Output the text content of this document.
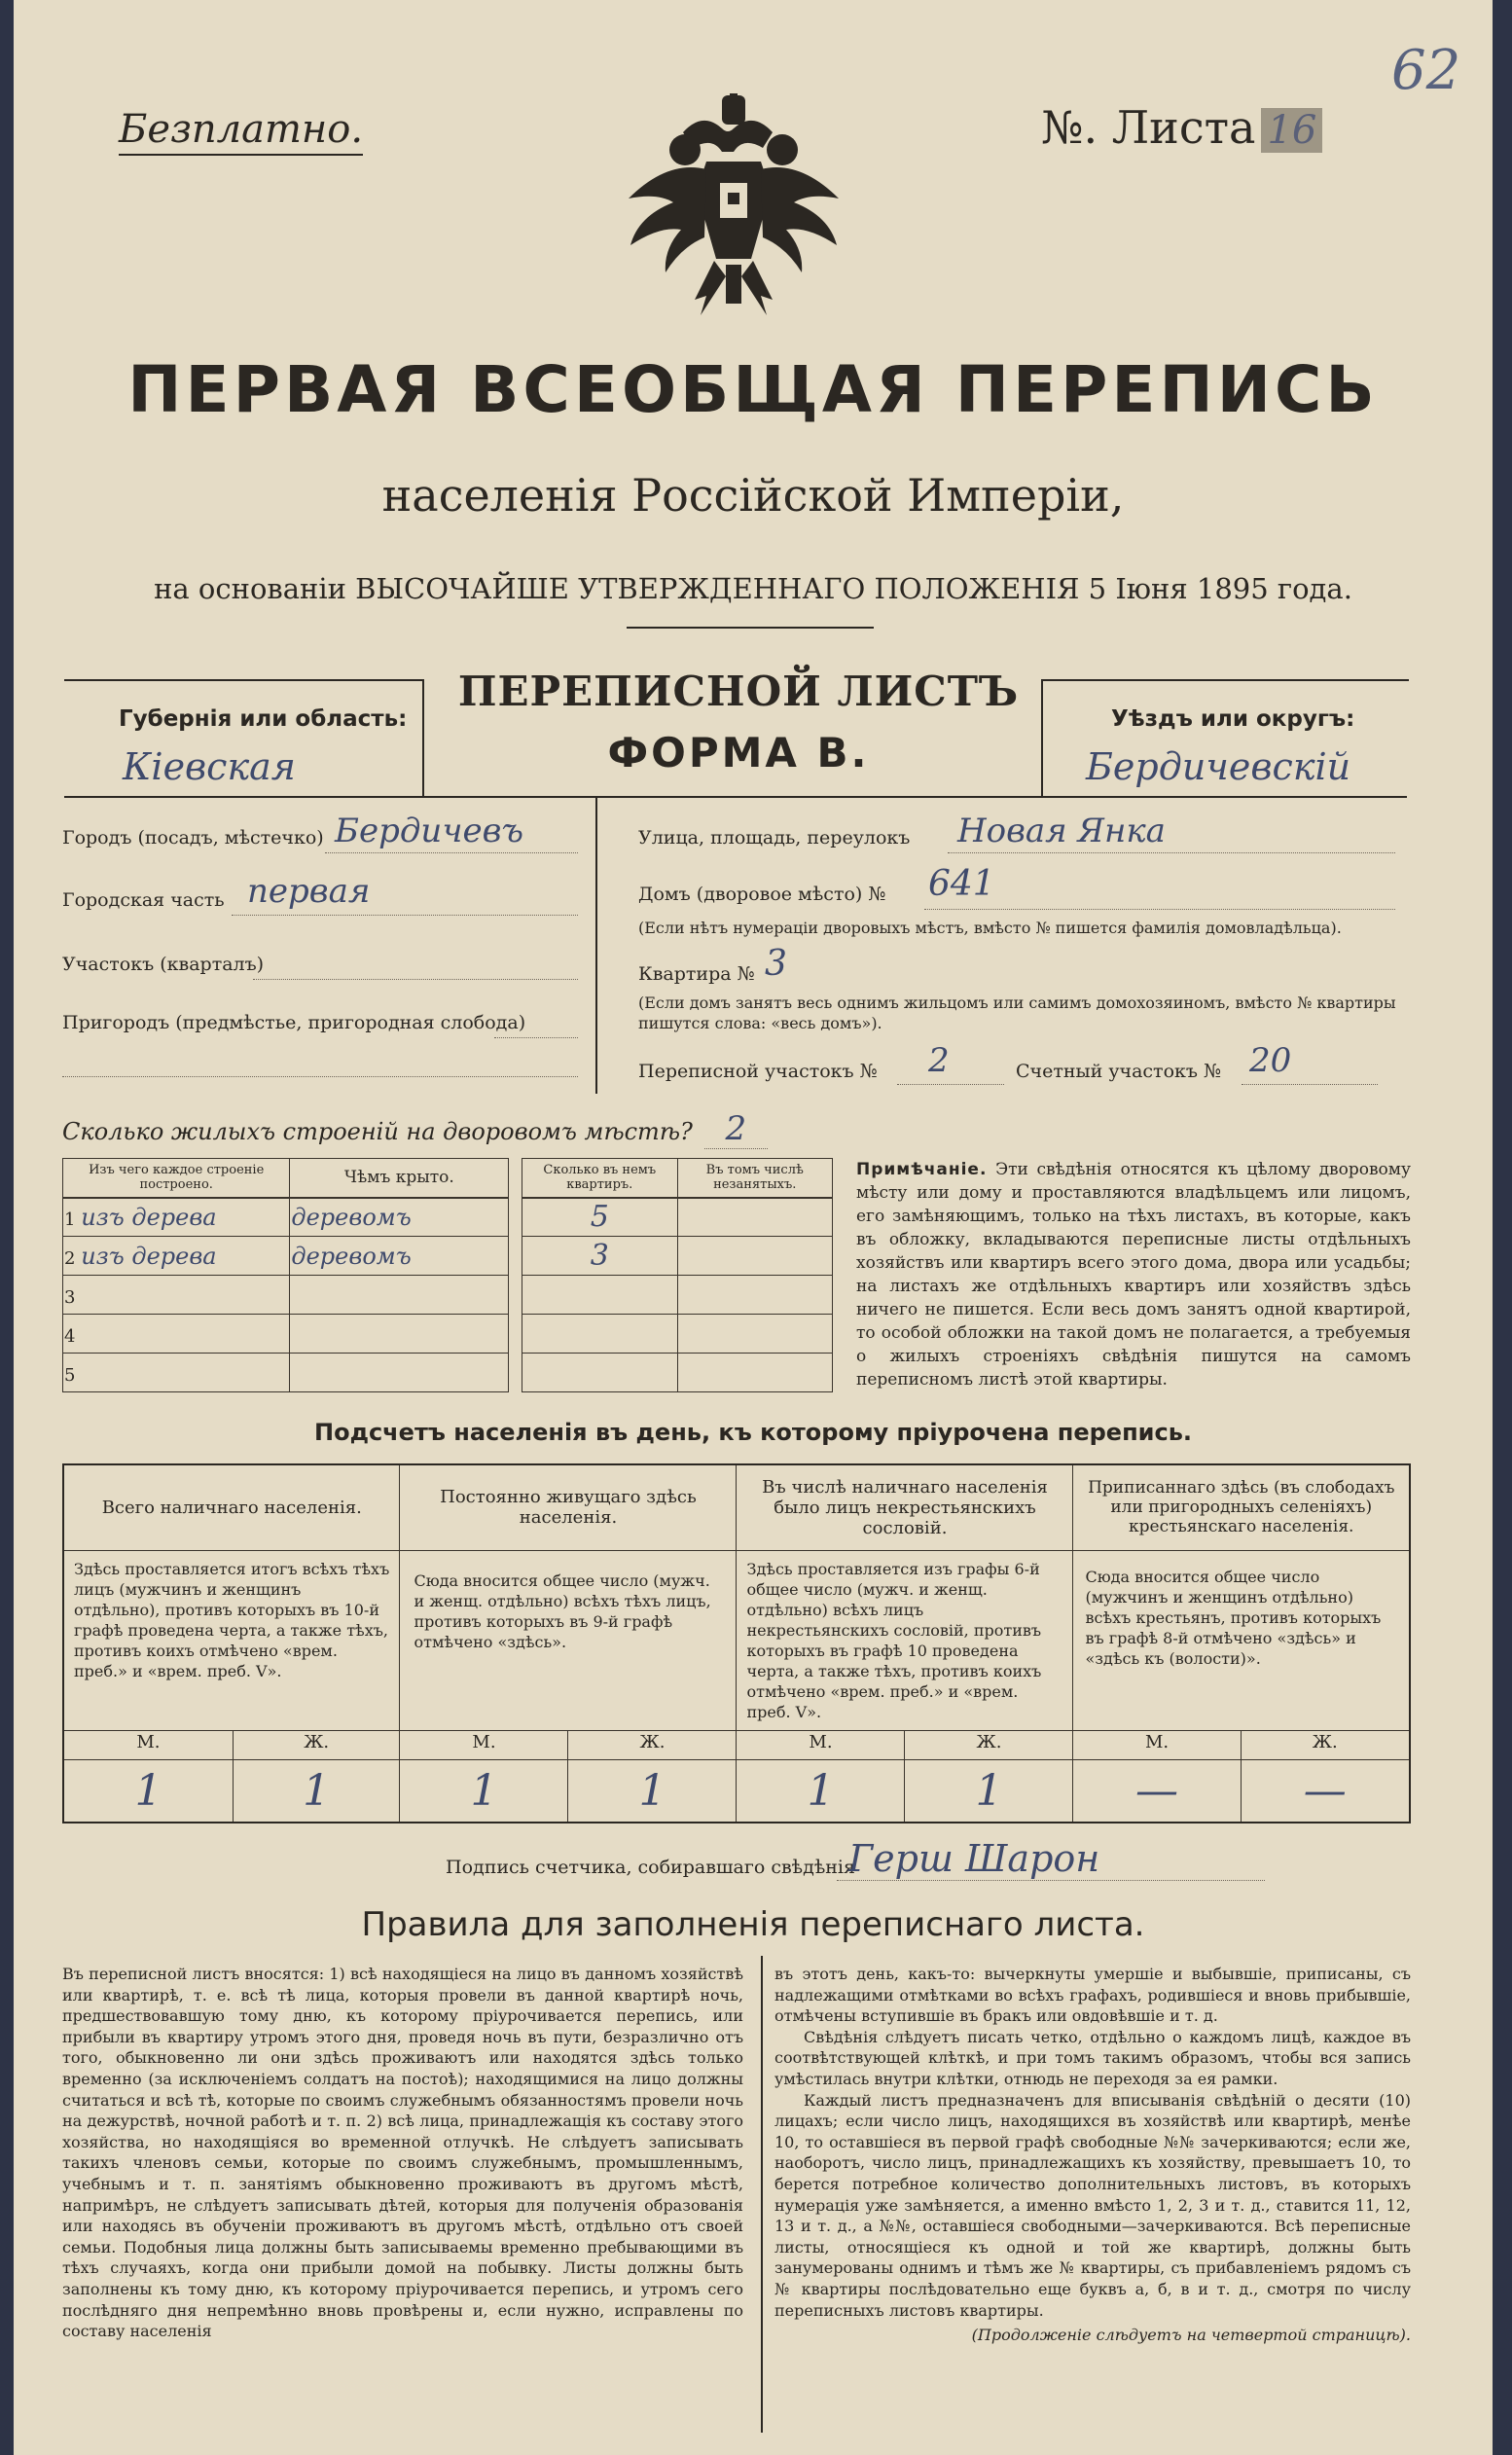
Безплатно.	№. Листа 16
62
ПЕРВАЯ ВСЕОБЩАЯ ПЕРЕПИСЬ
населенія Россійской Имперіи,
на основаніи ВЫСОЧАЙШЕ УТВЕРЖДЕННАГО ПОЛОЖЕНІЯ 5 Іюня 1895 года.
Губернія или область:
Кіевская
ПЕРЕПИСНОЙ ЛИСТЪ
ФОРМА В.
Уѣздъ или округъ:
Бердичевскій
Городъ (посадъ, мѣстечко) Бердичевъ
Городская часть первая
Участокъ (кварталъ)
Пригородъ (предмѣстье, пригородная слобода)
Улица, площадь, переулокъ Новая Янка
Домъ (дворовое мѣсто) № 641
(Если нѣтъ нумераціи дворовыхъ мѣстъ, вмѣсто № пишется фамилія домовладѣльца).
Квартира № 3
(Если домъ занятъ весь однимъ жильцомъ или самимъ домохозяиномъ, вмѣсто № квартиры пишутся слова: «весь домъ»).
Переписной участокъ № 2	Счетный участокъ № 20
Сколько жилыхъ строеній на дворовомъ мѣстѣ? 2
Изъ чего каждое строеніе построено.	Чѣмъ крыто.		Сколько въ немъ квартиръ.	Въ томъ числѣ незанятыхъ.
1 изъ дерева	деревомъ		5	
2 изъ дерева	деревомъ		3	
3				
4				
5				
Примѣчаніе. Эти свѣдѣнія относятся къ цѣлому дворовому мѣсту или дому и проставляются владѣльцемъ или лицомъ, его замѣняющимъ, только на тѣхъ листахъ, въ которые, какъ въ обложку, вкладываются переписные листы отдѣльныхъ хозяйствъ или квартиръ всего этого дома, двора или усадьбы; на листахъ же отдѣльныхъ квартиръ или хозяйствъ здѣсь ничего не пишется. Если весь домъ занятъ одной квартирой, то особой обложки на такой домъ не полагается, а требуемыя о жилыхъ строеніяхъ свѣдѣнія пишутся на самомъ переписномъ листѣ этой квартиры.
Подсчетъ населенія въ день, къ которому пріурочена перепись.
Всего наличнаго населенія.		Постоянно живущаго здѣсь населенія.		Въ числѣ наличнаго населенія было лицъ некрестьянскихъ сословій.		Приписаннаго здѣсь (въ слободахъ или пригородныхъ селеніяхъ) крестьянскаго населенія.	
Здѣсь проставляется итогъ всѣхъ тѣхъ лицъ (мужчинъ и женщинъ отдѣльно), противъ которыхъ въ 10-й графѣ проведена черта, а также тѣхъ, противъ коихъ отмѣчено «врем. преб.» и «врем. преб. V».		Сюда вносится общее число (мужч. и женщ. отдѣльно) всѣхъ тѣхъ лицъ, противъ которыхъ въ 9-й графѣ отмѣчено «здѣсь».		Здѣсь проставляется изъ графы 6-й общее число (мужч. и женщ. отдѣльно) всѣхъ лицъ некрестьянскихъ сословій, противъ которыхъ въ графѣ 10 проведена черта, а также тѣхъ, противъ коихъ отмѣчено «врем. преб.» и «врем. преб. V».		Сюда вносится общее число (мужчинъ и женщинъ отдѣльно) всѣхъ крестьянъ, противъ которыхъ въ графѣ 8-й отмѣчено «здѣсь» и «здѣсь къ (волости)».	
М.	Ж.	М.	Ж.	М.	Ж.	М.	Ж.
1	1	1	1	1	1	—	—
Подпись счетчика, собиравшаго свѣдѣнія
Герш Шарон
Правила для заполненія переписнаго листа.
Въ переписной листъ вносятся: 1) всѣ находящіеся на лицо въ данномъ хозяйствѣ или квартирѣ, т. е. всѣ тѣ лица, которыя провели въ данной квартирѣ ночь, предшествовавшую тому дню, къ которому пріурочивается перепись, или прибыли въ квартиру утромъ этого дня, проведя ночь въ пути, безразлично отъ того, обыкновенно ли они здѣсь проживаютъ или находятся здѣсь только временно (за исключеніемъ солдатъ на постоѣ); находящимися на лицо должны считаться и всѣ тѣ, которые по своимъ служебнымъ обязанностямъ провели ночь на дежурствѣ, ночной работѣ и т. п. 2) всѣ лица, принадлежащія къ составу этого хозяйства, но находящіяся во временной отлучкѣ. Не слѣдуетъ записывать такихъ членовъ семьи, которые по своимъ служебнымъ, промышленнымъ, учебнымъ и т. п. занятіямъ обыкновенно проживаютъ въ другомъ мѣстѣ, напримѣръ, не слѣдуетъ записывать дѣтей, которыя для полученія образованія или находясь въ обученіи проживаютъ въ другомъ мѣстѣ, отдѣльно отъ своей семьи. Подобныя лица должны быть записываемы временно пребывающими въ тѣхъ случаяхъ, когда они прибыли домой на побывку. Листы должны быть заполнены къ тому дню, къ которому пріурочивается перепись, и утромъ сего послѣдняго дня непремѣнно вновь провѣрены и, если нужно, исправлены по составу населенія

въ этотъ день, какъ-то: вычеркнуты умершіе и выбывшіе, приписаны, съ надлежащими отмѣтками во всѣхъ графахъ, родившіеся и вновь прибывшіе, отмѣчены вступившіе въ бракъ или овдовѣвшіе и т. д.

Свѣдѣнія слѣдуетъ писать четко, отдѣльно о каждомъ лицѣ, каждое въ соотвѣтствующей клѣткѣ, и при томъ такимъ образомъ, чтобы вся запись умѣстилась внутри клѣтки, отнюдь не переходя за ея рамки.

Каждый листъ предназначенъ для вписыванія свѣдѣній о десяти (10) лицахъ; если число лицъ, находящихся въ хозяйствѣ или квартирѣ, менѣе 10, то оставшіеся въ первой графѣ свободные №№ зачеркиваются; если же, наоборотъ, число лицъ, принадлежащихъ къ хозяйству, превышаетъ 10, то берется потребное количество дополнительныхъ листовъ, въ которыхъ нумерація уже замѣняется, а именно вмѣсто 1, 2, 3 и т. д., ставится 11, 12, 13 и т. д., а №№, оставшіеся свободными—зачеркиваются. Всѣ переписные листы, относящіеся къ одной и той же квартирѣ, должны быть занумерованы однимъ и тѣмъ же № квартиры, съ прибавленіемъ рядомъ съ № квартиры послѣдовательно еще буквъ а, б, в и т. д., смотря по числу переписныхъ листовъ квартиры.

(Продолженіе слѣдуетъ на четвертой страницѣ).
